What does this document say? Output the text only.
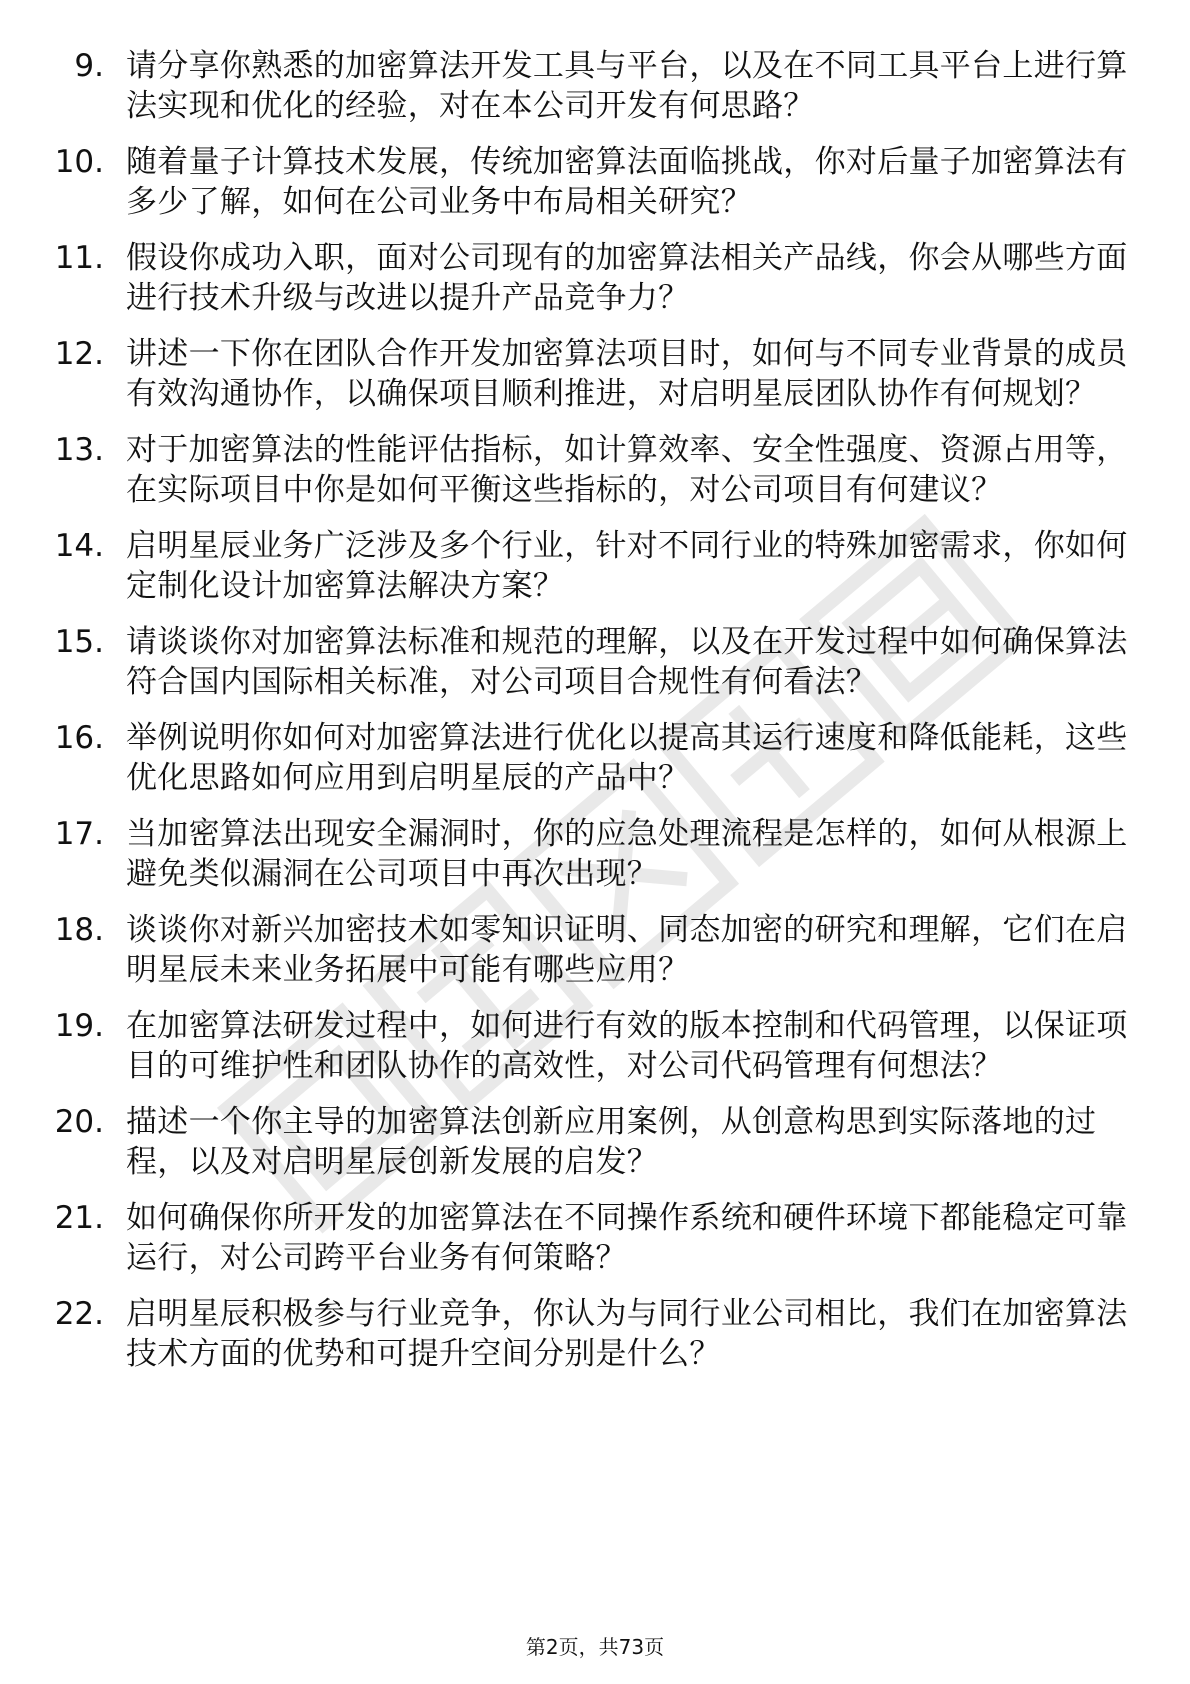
9. 请分享你熟悉的加密算法开发工具与平台，以及在不同工具平台上进行算法实现和优化的经验，对在本公司开发有何思路？
10. 随着量子计算技术发展，传统加密算法面临挑战，你对后量子加密算法有多少了解，如何在公司业务中布局相关研究？
11. 假设你成功入职，面对公司现有的加密算法相关产品线，你会从哪些方面进行技术升级与改进以提升产品竞争力？
12. 讲述一下你在团队合作开发加密算法项目时，如何与不同专业背景的成员有效沟通协作，以确保项目顺利推进，对启明星辰团队协作有何规划？
13. 对于加密算法的性能评估指标，如计算效率、安全性强度、资源占用等，在实际项目中你是如何平衡这些指标的，对公司项目有何建议？
14. 启明星辰业务广泛涉及多个行业，针对不同行业的特殊加密需求，你如何定制化设计加密算法解决方案？
15. 请谈谈你对加密算法标准和规范的理解，以及在开发过程中如何确保算法符合国内国际相关标准，对公司项目合规性有何看法？
16. 举例说明你如何对加密算法进行优化以提高其运行速度和降低能耗，这些优化思路如何应用到启明星辰的产品中？
17. 当加密算法出现安全漏洞时，你的应急处理流程是怎样的，如何从根源上避免类似漏洞在公司项目中再次出现？
18. 谈谈你对新兴加密技术如零知识证明、同态加密的研究和理解，它们在启明星辰未来业务拓展中可能有哪些应用？
19. 在加密算法研发过程中，如何进行有效的版本控制和代码管理，以保证项目的可维护性和团队协作的高效性，对公司代码管理有何想法？
20. 描述一个你主导的加密算法创新应用案例，从创意构思到实际落地的过程，以及对启明星辰创新发展的启发？
21. 如何确保你所开发的加密算法在不同操作系统和硬件环境下都能稳定可靠运行，对公司跨平台业务有何策略？
22. 启明星辰积极参与行业竞争，你认为与同行业公司相比，我们在加密算法技术方面的优势和可提升空间分别是什么？
第2页，共73页
